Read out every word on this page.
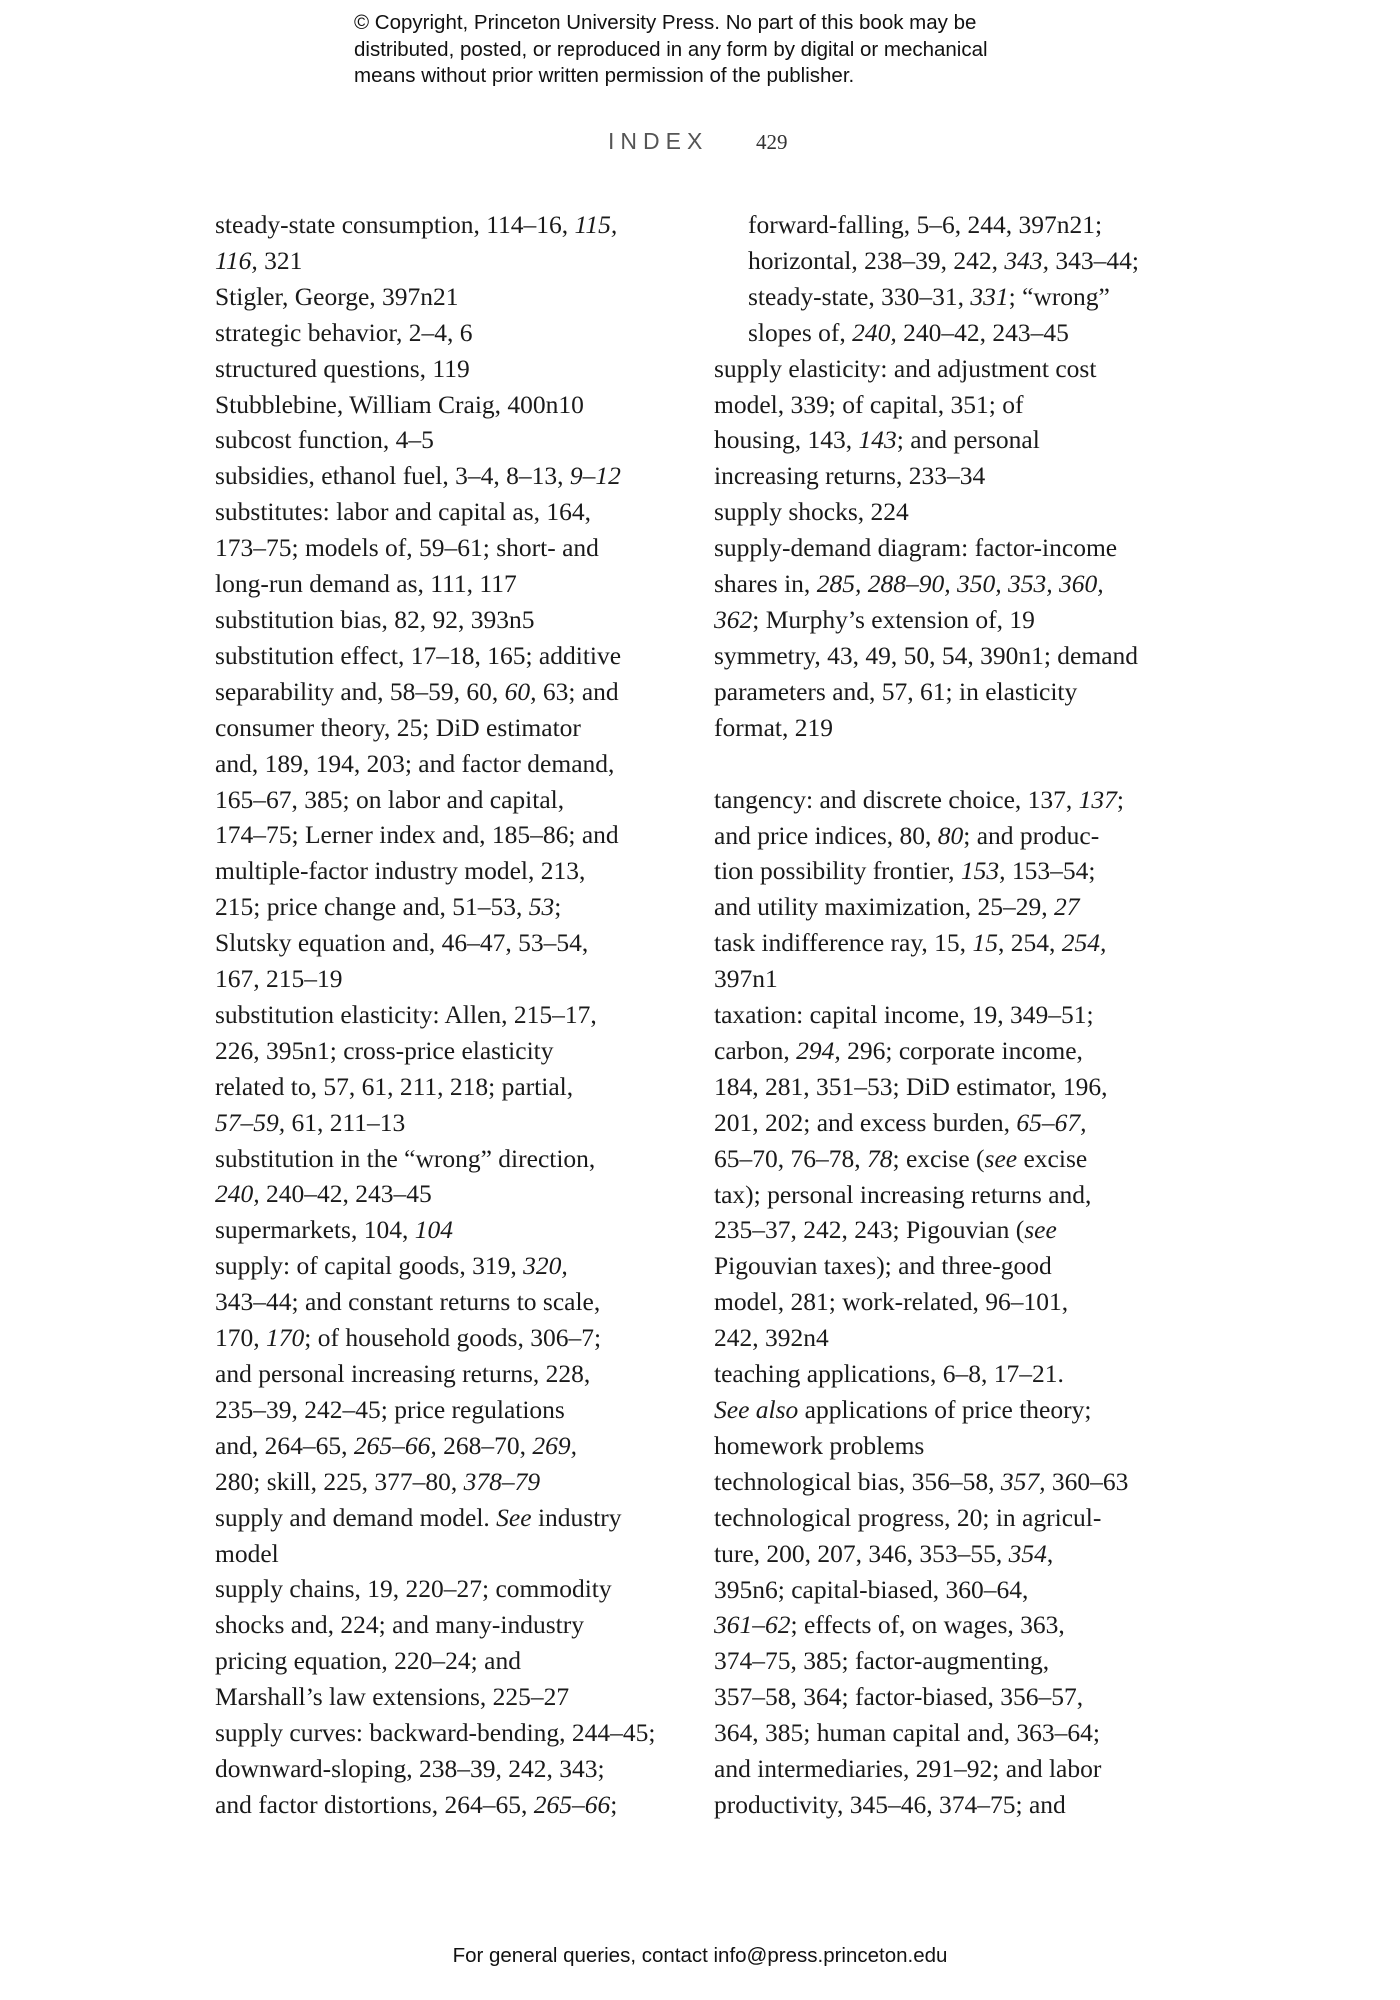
© Copyright, Princeton University Press. No part of this book may be
distributed, posted, or reproduced in any form by digital or mechanical
means without prior written permission of the publisher.
INDEX 429
steady-state consumption, 114–16, 115,
116, 321
Stigler, George, 397n21
strategic behavior, 2–4, 6
structured questions, 119
Stubblebine, William Craig, 400n10
subcost function, 4–5
subsidies, ethanol fuel, 3–4, 8–13, 9–12
substitutes: labor and capital as, 164,
173–75; models of, 59–61; short- and
long-run demand as, 111, 117
substitution bias, 82, 92, 393n5
substitution effect, 17–18, 165; additive
separability and, 58–59, 60, 60, 63; and
consumer theory, 25; DiD estimator
and, 189, 194, 203; and factor demand,
165–67, 385; on labor and capital,
174–75; Lerner index and, 185–86; and
multiple-factor industry model, 213,
215; price change and, 51–53, 53;
Slutsky equation and, 46–47, 53–54,
167, 215–19
substitution elasticity: Allen, 215–17,
226, 395n1; cross-price elasticity
related to, 57, 61, 211, 218; partial,
57–59, 61, 211–13
substitution in the “wrong” direction,
240, 240–42, 243–45
supermarkets, 104, 104
supply: of capital goods, 319, 320,
343–44; and constant returns to scale,
170, 170; of household goods, 306–7;
and personal increasing returns, 228,
235–39, 242–45; price regulations
and, 264–65, 265–66, 268–70, 269,
280; skill, 225, 377–80, 378–79
supply and demand model. See industry
model
supply chains, 19, 220–27; commodity
shocks and, 224; and many-industry
pricing equation, 220–24; and
Marshall’s law extensions, 225–27
supply curves: backward-bending, 244–45;
downward-sloping, 238–39, 242, 343;
and factor distortions, 264–65, 265–66;
forward-falling, 5–6, 244, 397n21;
horizontal, 238–39, 242, 343, 343–44;
steady-state, 330–31, 331; “wrong”
slopes of, 240, 240–42, 243–45
supply elasticity: and adjustment cost
model, 339; of capital, 351; of
housing, 143, 143; and personal
increasing returns, 233–34
supply shocks, 224
supply-demand diagram: factor-income
shares in, 285, 288–90, 350, 353, 360,
362; Murphy’s extension of, 19
symmetry, 43, 49, 50, 54, 390n1; demand
parameters and, 57, 61; in elasticity
format, 219
tangency: and discrete choice, 137, 137;
and price indices, 80, 80; and produc-
tion possibility frontier, 153, 153–54;
and utility maximization, 25–29, 27
task indifference ray, 15, 15, 254, 254,
397n1
taxation: capital income, 19, 349–51;
carbon, 294, 296; corporate income,
184, 281, 351–53; DiD estimator, 196,
201, 202; and excess burden, 65–67,
65–70, 76–78, 78; excise (see excise
tax); personal increasing returns and,
235–37, 242, 243; Pigouvian (see
Pigouvian taxes); and three-good
model, 281; work-related, 96–101,
242, 392n4
teaching applications, 6–8, 17–21.
See also applications of price theory;
homework problems
technological bias, 356–58, 357, 360–63
technological progress, 20; in agricul-
ture, 200, 207, 346, 353–55, 354,
395n6; capital-biased, 360–64,
361–62; effects of, on wages, 363,
374–75, 385; factor-augmenting,
357–58, 364; factor-biased, 356–57,
364, 385; human capital and, 363–64;
and intermediaries, 291–92; and labor
productivity, 345–46, 374–75; and
For general queries, contact info@press.princeton.edu
